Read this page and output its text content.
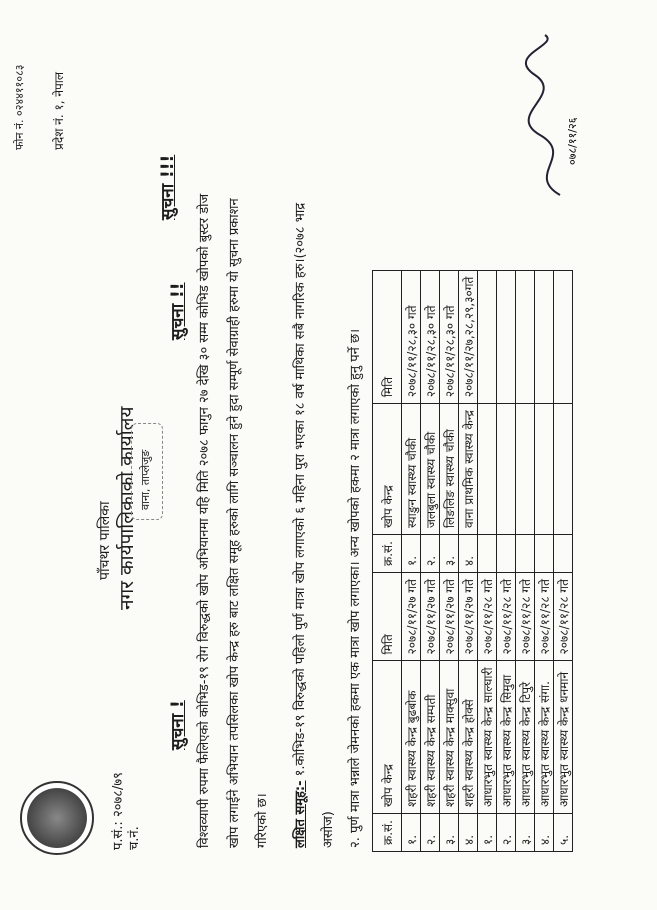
प.सं.: २०७८/७९ च.नं.
पाँचथर पालिका नगर कार्यपालिकाको कार्यालय वाना, ताप्लेजुङ
फोन नं. ०२४४११०८३ प्रदेश नं. १, नेपाल
सुचना !
सुचना !!
सुचना !!!
विश्वव्यापी रुपमा फैलिएको कोभिड-१९ रोग विरुद्धको खोप अभियानमा यहि मिति २०७८ फागुन २७ देखि ३० सम्म कोभिड खोपको बुस्टर डोज खोप लगाईने अभियान तपसिलका खोप केन्द्र हरु बाट लक्षित समूह हरुको लागि सञ्चालन हुने हुदा सम्पूर्ण सेवाग्राही हरुमा यो सुचना प्रकाशन गरिएको छ। लक्षित समूह:- १.कोभिड-१९ विरुद्धको पहिलो पुर्ण मात्रा खोप लगाएको ६ महिना पुरा भएका १८ वर्ष माथिका सबै नागरिक हरु।(२०७८ भाद्र
असोज) २. पुर्ण मात्रा भन्नाले जेमनको हकमा एक मात्रा खोप लगाएका। अन्य खोपको हकमा २ मात्रा लगाएको हुनु पर्ने छ। क्र.सं.	खोप केन्द्र	मिति	क्र.सं.	खोप केन्द्र	मिति
१.	शहरी स्वास्थ्य केन्द्र बुढबोक	२०७८/११/२७ गते	१.	स्याङुन स्वास्थ्य चौकी	२०७८/११/२८,३० गते
२.	शहरी स्वास्थ्य केन्द्र सम्पती	२०७८/११/२७ गते	२.	जलबुला स्वास्थ्य चौकी	२०७८/११/२८,३० गते
३.	शहरी स्वास्थ्य केन्द्र माक्सुवा	२०७८/११/२७ गते	३.	लिङलिङ स्वास्थ्य चौकी	२०७८/११/२८,३० गते
४.	शहरी स्वास्थ्य केन्द्र होक्से	२०७८/११/२७ गते	४.	वाना प्राथमिक स्वास्थ्य केन्द्र	२०७८/११/२७,२८,२९,३०गते
१.	आधारभुत स्वास्थ्य केन्द्र साल्घारी	२०७८/११/२८ गते			
२.	आधारभुत स्वास्थ्य केन्द्र सिमुवा	२०७८/११/२८ गते			
३.	आधारभुत स्वास्थ्य केन्द्र टिपुरे	२०७८/११/२८ गते			
४.	आधारभुत स्वास्थ्य केन्द्र संगा.	२०७८/११/२८ गते			
५.	आधारभुत स्वास्थ्य केन्द्र धनमाने	२०७८/११/२८ गते			
०७८/११/२६
